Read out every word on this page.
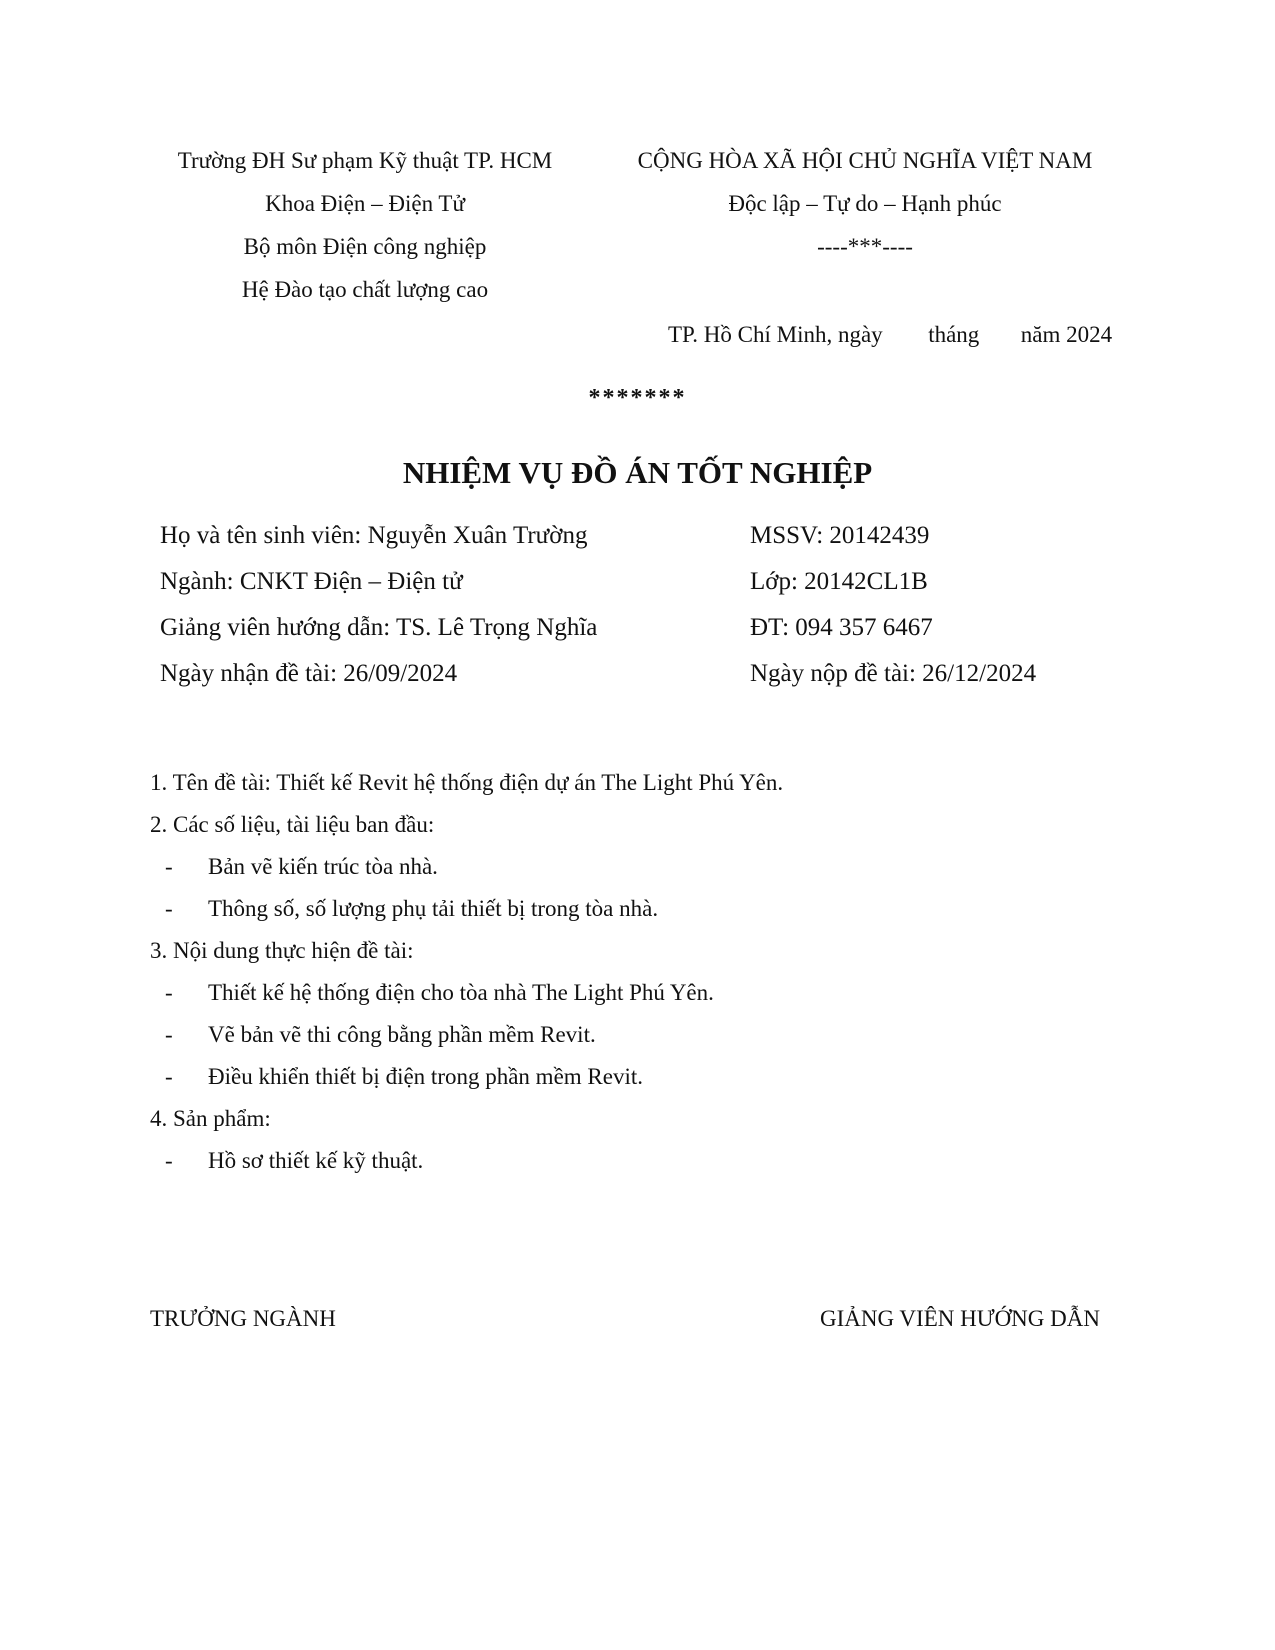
Trường ĐH Sư phạm Kỹ thuật TP. HCM
Khoa Điện – Điện Tử
Bộ môn Điện công nghiệp
Hệ Đào tạo chất lượng cao
CỘNG HÒA XÃ HỘI CHỦ NGHĨA VIỆT NAM
Độc lập – Tự do – Hạnh phúc
----***----
TP. Hồ Chí Minh, ngày tháng năm 2024
*******
NHIỆM VỤ ĐỒ ÁN TỐT NGHIỆP
Họ và tên sinh viên: Nguyễn Xuân Trường	MSSV: 20142439
Ngành: CNKT Điện – Điện tử	Lớp: 20142CL1B
Giảng viên hướng dẫn: TS. Lê Trọng Nghĩa	ĐT: 094 357 6467
Ngày nhận đề tài: 26/09/2024	Ngày nộp đề tài: 26/12/2024
1. Tên đề tài: Thiết kế Revit hệ thống điện dự án The Light Phú Yên.
2. Các số liệu, tài liệu ban đầu:
- Bản vẽ kiến trúc tòa nhà.
- Thông số, số lượng phụ tải thiết bị trong tòa nhà.
3. Nội dung thực hiện đề tài:
- Thiết kế hệ thống điện cho tòa nhà The Light Phú Yên.
- Vẽ bản vẽ thi công bằng phần mềm Revit.
- Điều khiển thiết bị điện trong phần mềm Revit.
4. Sản phẩm:
- Hồ sơ thiết kế kỹ thuật.
TRƯỞNG NGÀNH	GIẢNG VIÊN HƯỚNG DẪN
